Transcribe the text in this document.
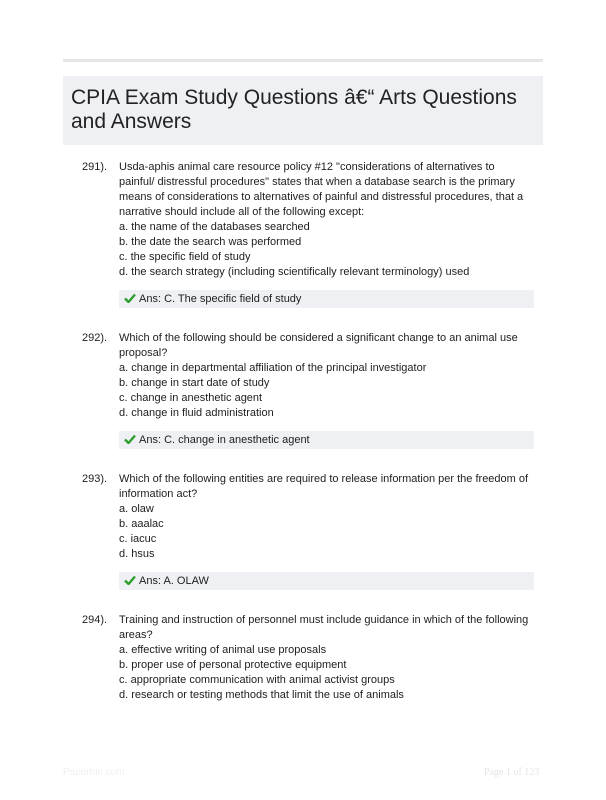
CPIA Exam Study Questions â€“ Arts Questions and Answers
291). Usda-aphis animal care resource policy #12 "considerations of alternatives to painful/ distressful procedures" states that when a database search is the primary means of considerations to alternatives of painful and distressful procedures, that a narrative should include all of the following except:
a. the name of the databases searched
b. the date the search was performed
c. the specific field of study
d. the search strategy (including scientifically relevant terminology) used
Ans: C. The specific field of study
292). Which of the following should be considered a significant change to an animal use proposal?
a. change in departmental affiliation of the principal investigator
b. change in start date of study
c. change in anesthetic agent
d. change in fluid administration
Ans: C. change in anesthetic agent
293). Which of the following entities are required to release information per the freedom of information act?
a. olaw
b. aaalac
c. iacuc
d. hsus
Ans: A. OLAW
294). Training and instruction of personnel must include guidance in which of the following areas?
a. effective writing of animal use proposals
b. proper use of personal protective equipment
c. appropriate communication with animal activist groups
d. research or testing methods that limit the use of animals
Paperbin.com	Page 1 of 123
